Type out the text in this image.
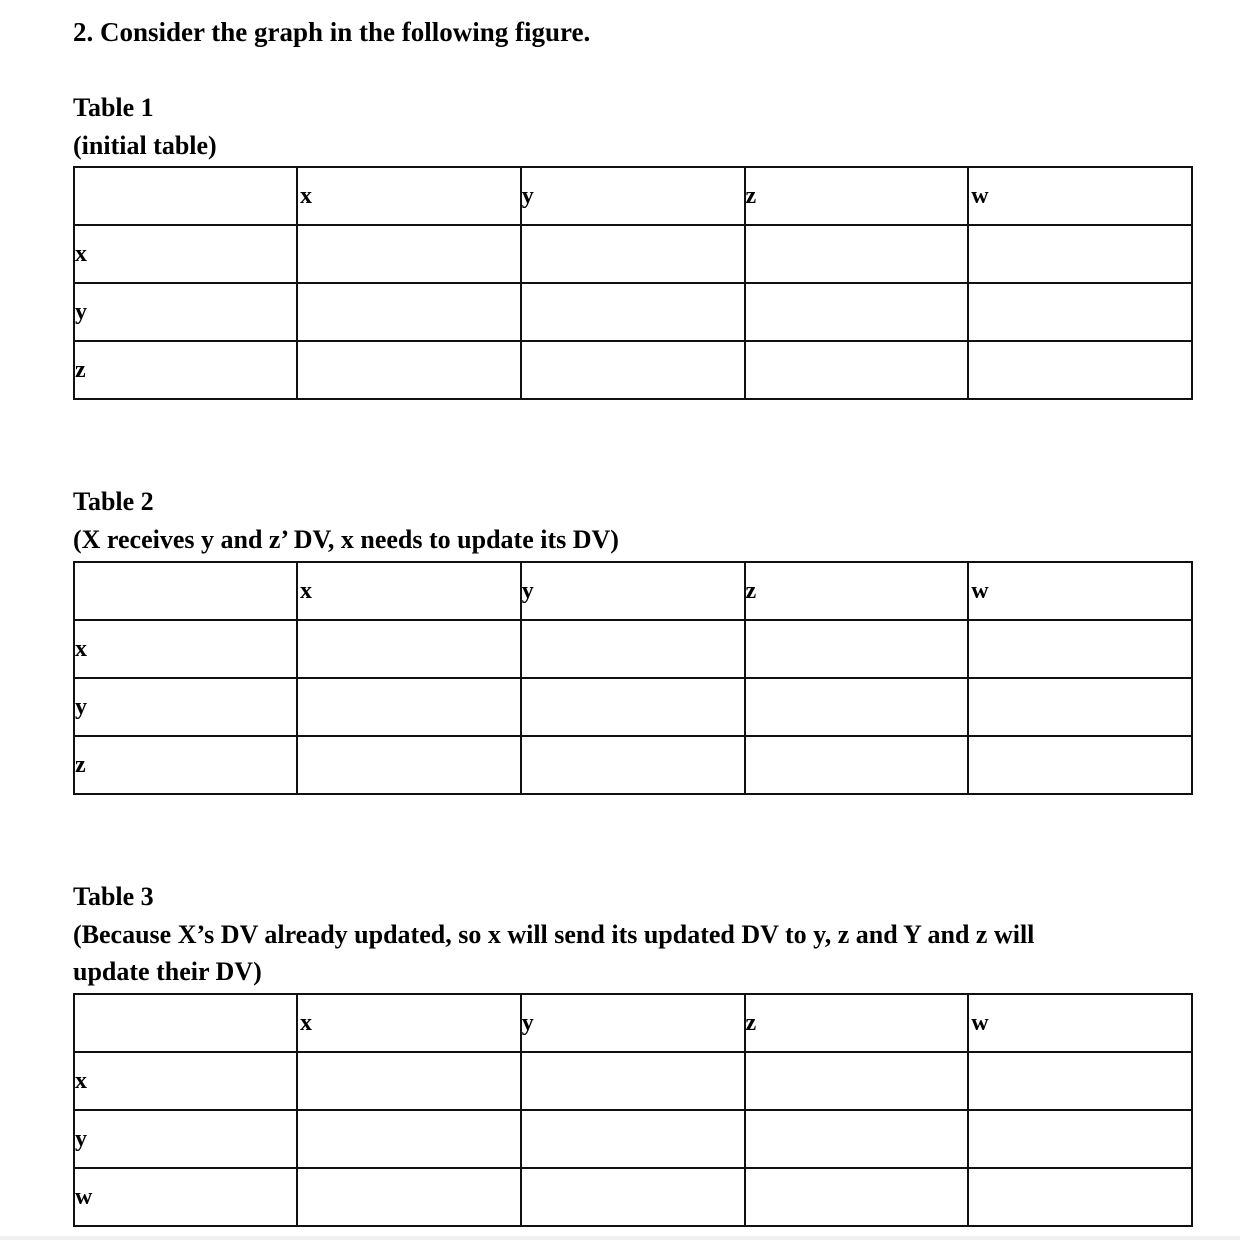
2. Consider the graph in the following figure.
Table 1
(initial table)
	x	y	z	w
x				
y				
z				
Table 2
(X receives y and z’ DV, x needs to update its DV)
	x	y	z	w
x				
y				
z				
Table 3
(Because X’s DV already updated, so x will send its updated DV to y, z and Y and z will
update their DV)
	x	y	z	w
x				
y				
w				
